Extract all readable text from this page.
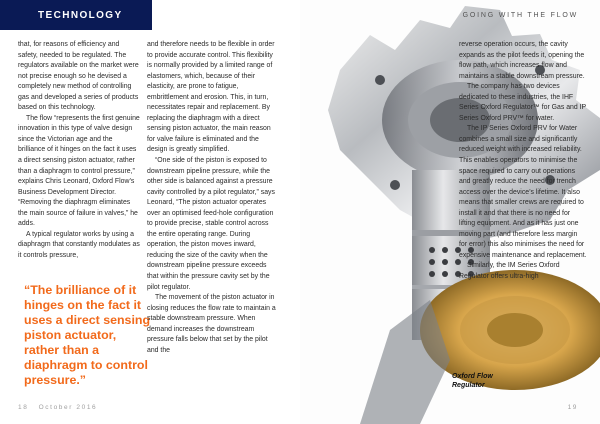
TECHNOLOGY

that, for reasons of efficiency and safety, needed to be regulated. The regulators available on the market were not precise enough so he devised a completely new method of controlling gas and developed a series of products based on this technology.

The flow “represents the first genuine innovation in this type of valve design since the Victorian age and the brilliance of it hinges on the fact it uses a direct sensing piston actuator, rather than a diaphragm to control pressure,” explains Chris Leonard, Oxford Flow’s Business Development Director. “Removing the diaphragm eliminates the main source of failure in valves,” he adds.

A typical regulator works by using a diaphragm that constantly modulates as it controls pressure,

“The brilliance of it hinges on the fact it uses a direct sensing piston actuator, rather than a diaphragm to control pressure.”

and therefore needs to be flexible in order to provide accurate control. This flexibility is normally provided by a limited range of elastomers, which, because of their elasticity, are prone to fatigue, embrittlement and erosion. This, in turn, necessitates repair and replacement. By replacing the diaphragm with a direct sensing piston actuator, the main reason for valve failure is eliminated and the design is greatly simplified.

“One side of the piston is exposed to downstream pipeline pressure, while the other side is balanced against a pressure cavity controlled by a pilot regulator,” says Leonard, “The piston actuator operates over an optimised feed-hole configuration to provide precise, stable control across the entire operating range. During operation, the piston moves inward, reducing the size of the cavity when the downstream pipeline pressure exceeds that within the pressure cavity set by the pilot regulator.

The movement of the piston actuator in closing reduces the flow rate to maintain a stable downstream pressure. When demand increases the downstream pressure falls below that set by the pilot and the

18 October 2016
GOING WITH THE FLOW

reverse operation occurs, the cavity expands as the pilot feeds it, opening the flow path, which increases flow and maintains a stable downstream pressure.

The company has two devices dedicated to these industries, the IHF Series Oxford Regulator™ for Gas and IP Series Oxford PRV™ for water.

The IP Series Oxford PRV for Water combines a small size and significantly reduced weight with increased reliability. This enables operators to minimise the space required to carry out operations and greatly reduce the need for trench access over the device’s lifetime. It also means that smaller crews are required to install it and that there is no need for lifting equipment. And as it has just one moving part (and therefore less margin for error) this also minimises the need for expensive maintenance and replacement.

Similarly, the IM Series Oxford Regulator offers ultra-high

Oxford Flow
Regulator
19
